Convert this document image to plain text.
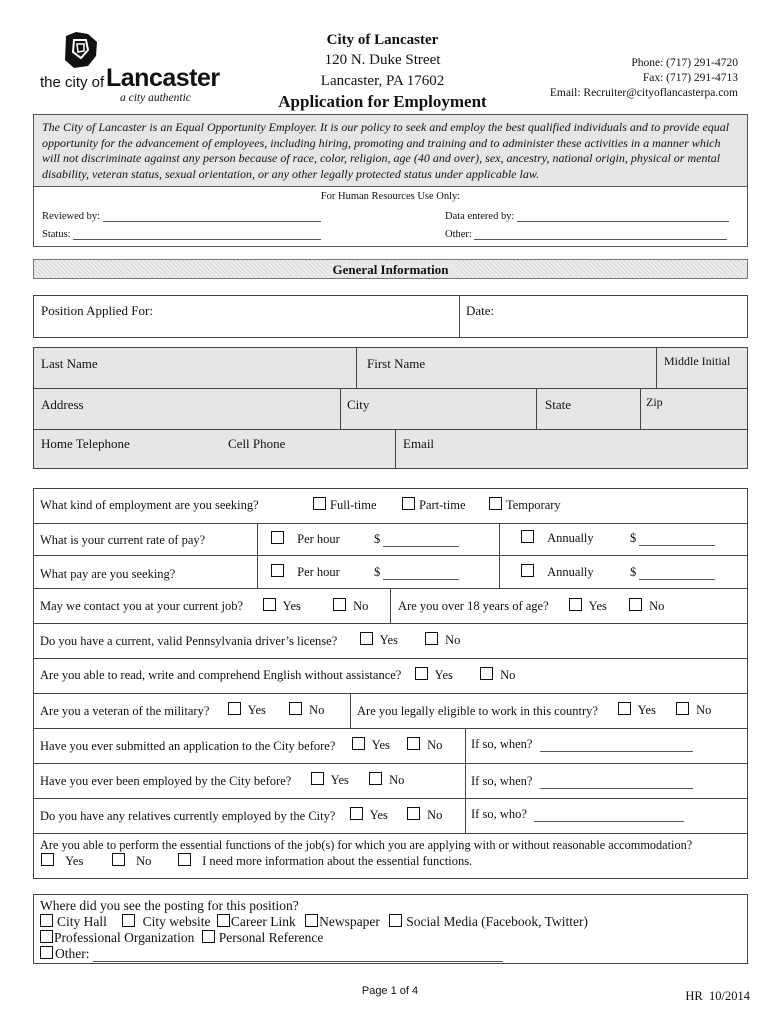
the city of Lancaster
a city authentic
City of Lancaster
120 N. Duke Street
Lancaster, PA 17602
Application for Employment
Phone: (717) 291-4720
Fax: (717) 291-4713
Email: Recruiter@cityoflancasterpa.com
The City of Lancaster is an Equal Opportunity Employer. It is our policy to seek and employ the best qualified individuals and to provide equal opportunity for the advancement of employees, including hiring, promoting and training and to administer these activities in a manner which will not discriminate against any person because of race, color, religion, age (40 and over), sex, ancestry, national origin, physical or mental disability, veteran status, sexual orientation, or any other legally protected status under applicable law.
For Human Resources Use Only:
Reviewed by:	Data entered by:
Status:	Other:
General Information
Position Applied For:	Date:
Last Name	First Name	Middle Initial
Address	City	State	Zip
Home Telephone	Cell Phone	Email
What kind of employment are you seeking?	Full-time	Part-time	Temporary
What is your current rate of pay?	Per hour	$	Annually	$
What pay are you seeking?	Per hour	$	Annually	$
May we contact you at your current job?	Yes	No Are you over 18 years of age?	Yes	No
Do you have a current, valid Pennsylvania driver’s license?	Yes	No
Are you able to read, write and comprehend English without assistance?	Yes	No
Are you a veteran of the military?	Yes	No	Are you legally eligible to work in this country?	Yes	No
Have you ever submitted an application to the City before?	Yes	No If so, when?
Have you ever been employed by the City before?	Yes	No	If so, when?
Do you have any relatives currently employed by the City?	Yes	No If so, who?
Are you able to perform the essential functions of the job(s) for which you are applying with or without reasonable accommodation?
Yes	No	I need more information about the essential functions.
Where did you see the posting for this position?
City Hall	City website Career Link Newspaper Social Media (Facebook, Twitter)
Professional Organization Personal Reference
Other:
Page 1 of 4	HR  10/2014
